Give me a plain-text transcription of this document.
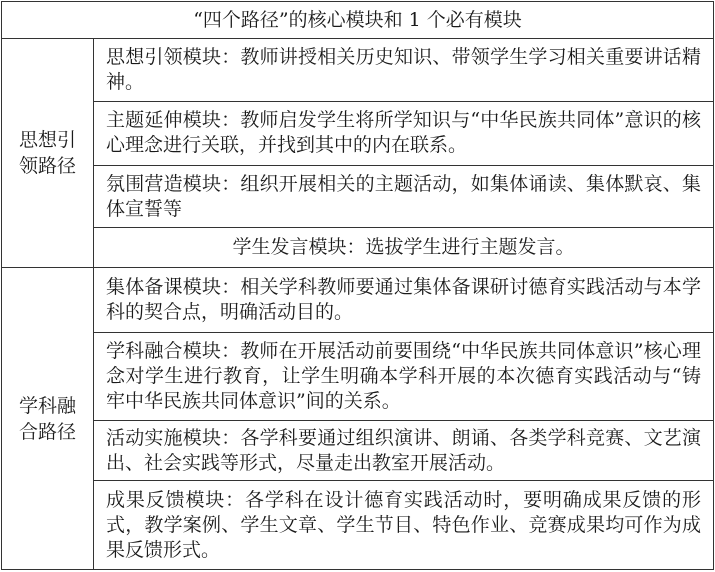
“四个路径”的核心模块和 1 个必有模块	
思想引领路径	思想引领模块：教师讲授相关历史知识、带领学生学习相关重要讲话精神。
	主题延伸模块：教师启发学生将所学知识与“中华民族共同体”意识的核心理念进行关联，并找到其中的内在联系。
	氛围营造模块：组织开展相关的主题活动，如集体诵读、集体默哀、集体宣誓等
	学生发言模块：选拔学生进行主题发言。
学科融合路径	集体备课模块：相关学科教师要通过集体备课研讨德育实践活动与本学科的契合点，明确活动目的。
	学科融合模块：教师在开展活动前要围绕“中华民族共同体意识”核心理念对学生进行教育，让学生明确本学科开展的本次德育实践活动与“铸牢中华民族共同体意识”间的关系。
	活动实施模块：各学科要通过组织演讲、朗诵、各类学科竞赛、文艺演出、社会实践等形式，尽量走出教室开展活动。
	成果反馈模块：各学科在设计德育实践活动时，要明确成果反馈的形式，教学案例、学生文章、学生节目、特色作业、竞赛成果均可作为成果反馈形式。
